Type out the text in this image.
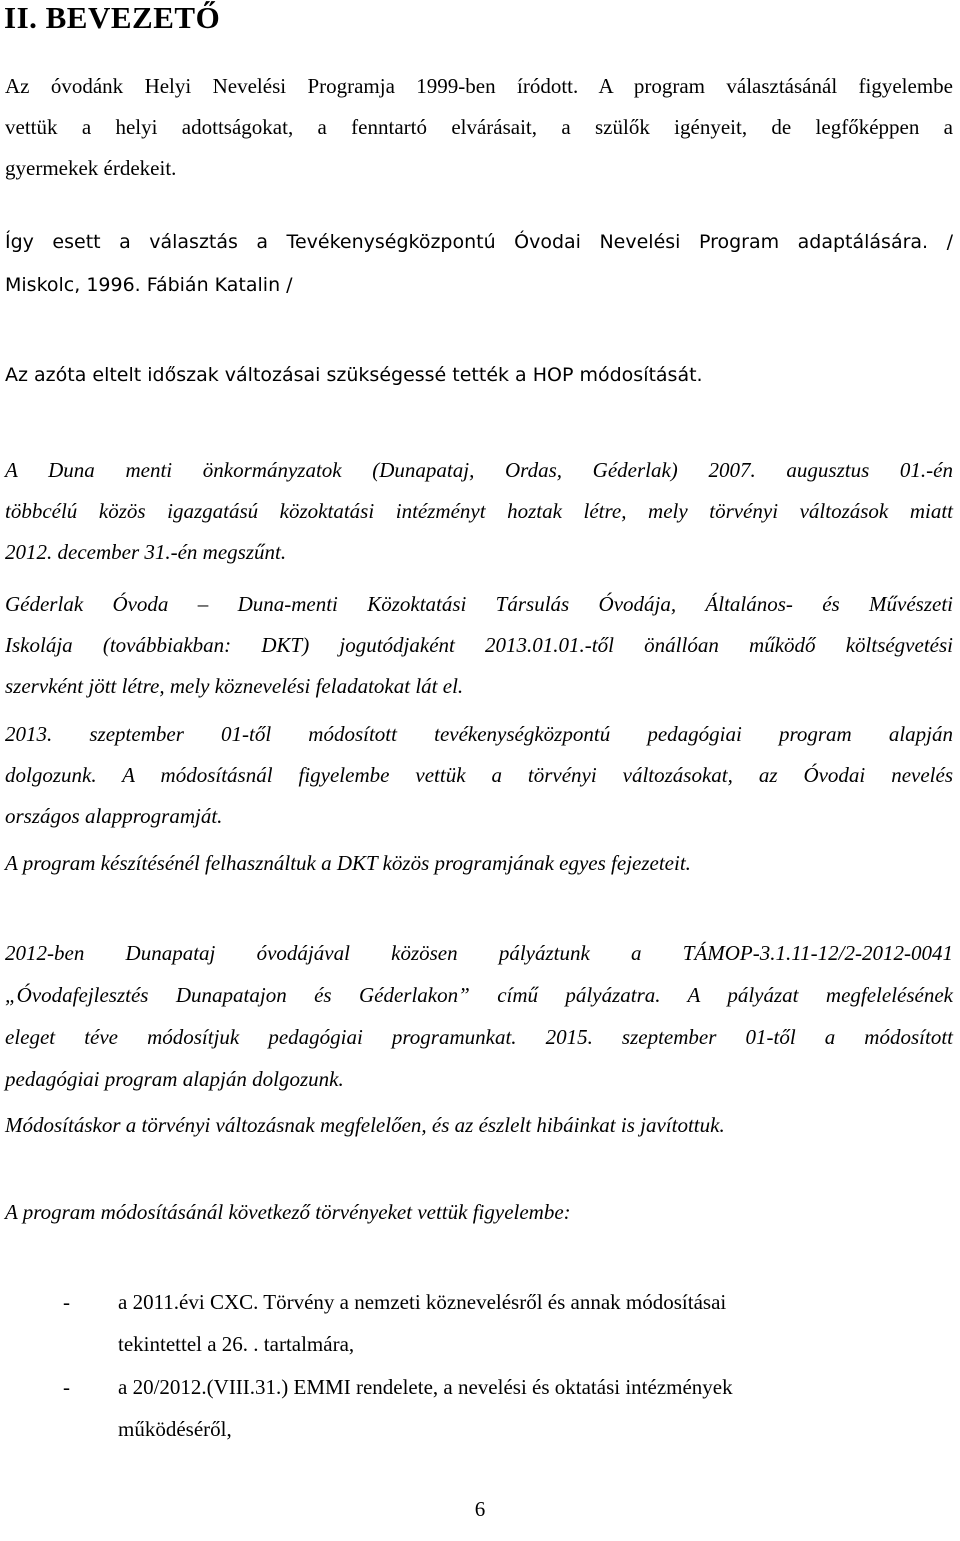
II. BEVEZETŐ
Az óvodánk Helyi Nevelési Programja 1999-ben íródott. A program választásánál figyelembe
vettük a helyi adottságokat, a fenntartó elvárásait, a szülők igényeit, de legfőképpen a
gyermekek érdekeit.
Így esett a választás a Tevékenységközpontú Óvodai Nevelési Program adaptálására. /
Miskolc, 1996. Fábián Katalin /
Az azóta eltelt időszak változásai szükségessé tették a HOP módosítását.
A Duna menti önkormányzatok (Dunapataj, Ordas, Géderlak) 2007. augusztus 01.-én
többcélú közös igazgatású közoktatási intézményt hoztak létre, mely törvényi változások miatt
2012. december 31.-én megszűnt.
Géderlak Óvoda – Duna-menti Közoktatási Társulás Óvodája, Általános- és Művészeti
Iskolája (továbbiakban: DKT) jogutódjaként 2013.01.01.-től önállóan működő költségvetési
szervként jött létre, mely köznevelési feladatokat lát el.
2013. szeptember 01-től módosított tevékenységközpontú pedagógiai program alapján
dolgozunk. A módosításnál figyelembe vettük a törvényi változásokat, az Óvodai nevelés
országos alapprogramját.
A program készítésénél felhasználtuk a DKT közös programjának egyes fejezeteit.
2012-ben Dunapataj óvodájával közösen pályáztunk a TÁMOP-3.1.11-12/2-2012-0041
„Óvodafejlesztés Dunapatajon és Géderlakon” című pályázatra. A pályázat megfelelésének
eleget téve módosítjuk pedagógiai programunkat. 2015. szeptember 01-től a módosított
pedagógiai program alapján dolgozunk.
Módosításkor a törvényi változásnak megfelelően, és az észlelt hibáinkat is javítottuk.
A program módosításánál következő törvényeket vettük figyelembe:
- a 2011.évi CXC. Törvény a nemzeti köznevelésről és annak módosításai
tekintettel a 26. . tartalmára,
- a 20/2012.(VIII.31.) EMMI rendelete, a nevelési és oktatási intézmények
működéséről,
6
